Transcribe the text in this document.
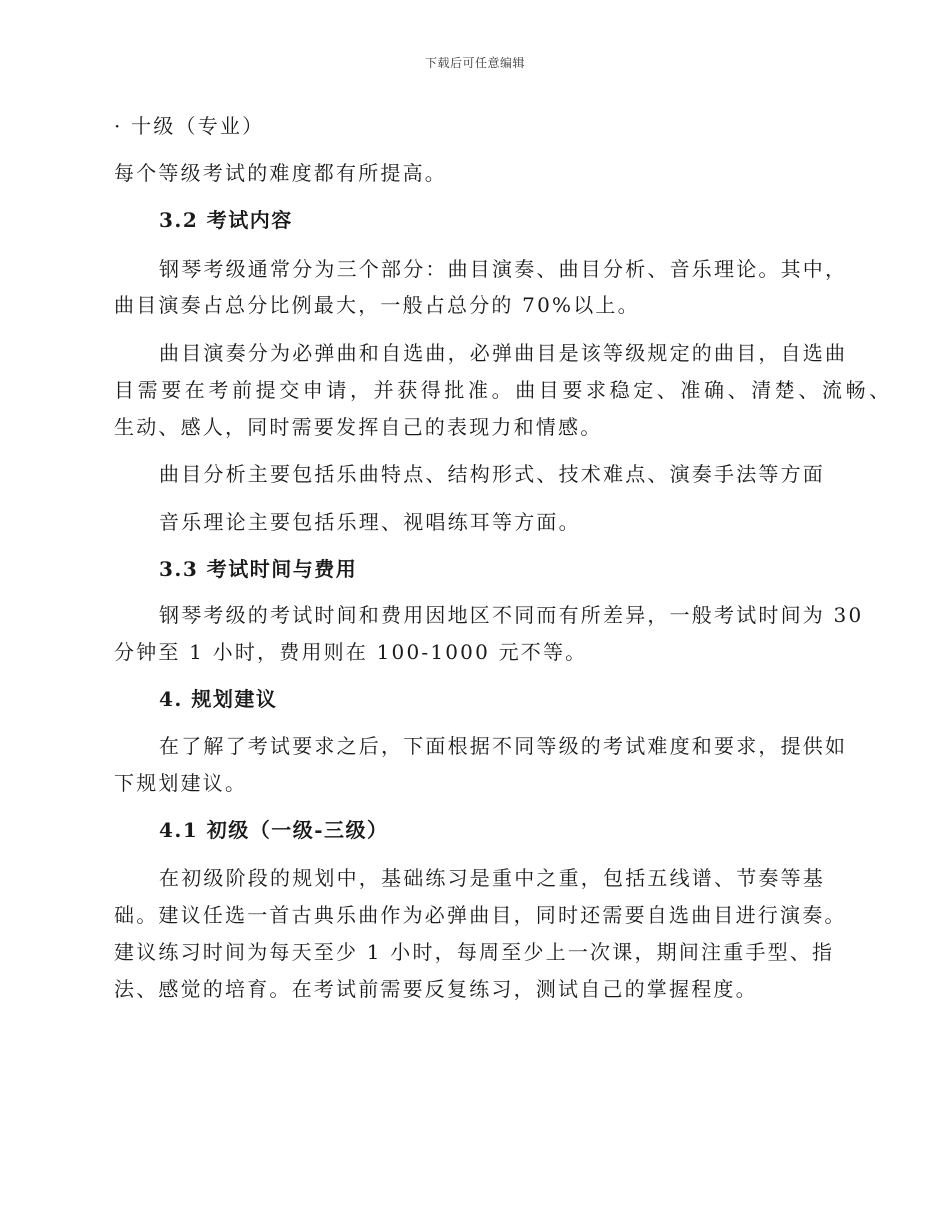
下载后可任意编辑
· 十级（专业）
每个等级考试的难度都有所提高。
3.2 考试内容
钢琴考级通常分为三个部分：曲目演奏、曲目分析、音乐理论。其中，
曲目演奏占总分比例最大，一般占总分的 70%以上。
曲目演奏分为必弹曲和自选曲，必弹曲目是该等级规定的曲目，自选曲
目需要在考前提交申请，并获得批准。曲目要求稳定、准确、清楚、流畅、
生动、感人，同时需要发挥自己的表现力和情感。
曲目分析主要包括乐曲特点、结构形式、技术难点、演奏手法等方面
音乐理论主要包括乐理、视唱练耳等方面。
3.3 考试时间与费用
钢琴考级的考试时间和费用因地区不同而有所差异，一般考试时间为 30
分钟至 1 小时，费用则在 100-1000 元不等。
4. 规划建议
在了解了考试要求之后，下面根据不同等级的考试难度和要求，提供如
下规划建议。
4.1 初级（一级-三级）
在初级阶段的规划中，基础练习是重中之重，包括五线谱、节奏等基
础。建议任选一首古典乐曲作为必弹曲目，同时还需要自选曲目进行演奏。
建议练习时间为每天至少 1 小时，每周至少上一次课，期间注重手型、指
法、感觉的培育。在考试前需要反复练习，测试自己的掌握程度。
